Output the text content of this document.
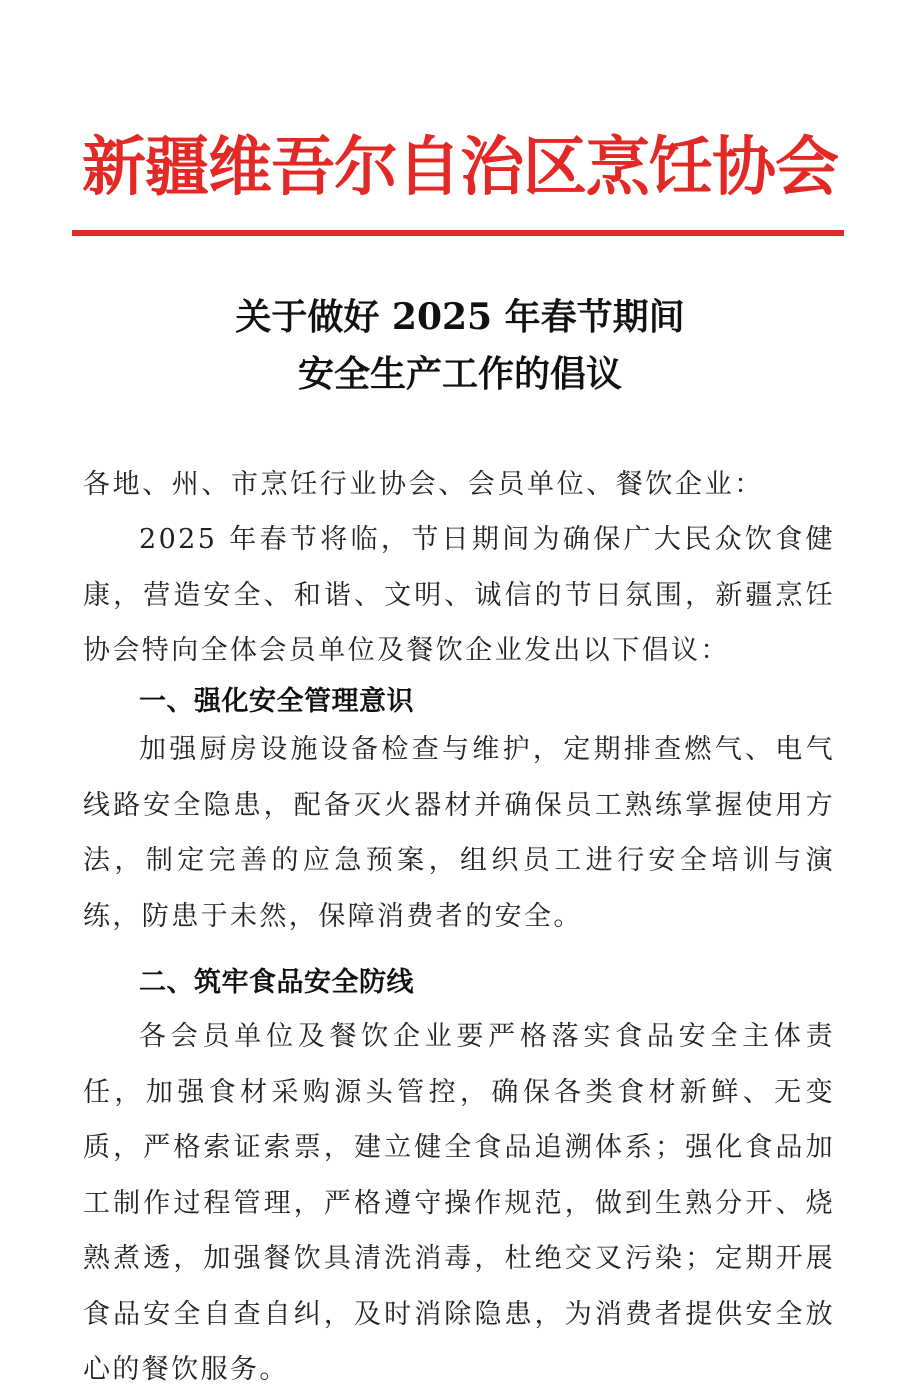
新疆维吾尔自治区烹饪协会
关于做好 2025 年春节期间
安全生产工作的倡议
各地、州、市烹饪行业协会、会员单位、餐饮企业：
2025 年春节将临，节日期间为确保广大民众饮食健康，营造安全、和谐、文明、诚信的节日氛围，新疆烹饪协会特向全体会员单位及餐饮企业发出以下倡议：
一、强化安全管理意识
加强厨房设施设备检查与维护，定期排查燃气、电气线路安全隐患，配备灭火器材并确保员工熟练掌握使用方法，制定完善的应急预案，组织员工进行安全培训与演练，防患于未然，保障消费者的安全。
二、筑牢食品安全防线
各会员单位及餐饮企业要严格落实食品安全主体责任，加强食材采购源头管控，确保各类食材新鲜、无变质，严格索证索票，建立健全食品追溯体系；强化食品加工制作过程管理，严格遵守操作规范，做到生熟分开、烧熟煮透，加强餐饮具清洗消毒，杜绝交叉污染；定期开展食品安全自查自纠，及时消除隐患，为消费者提供安全放心的餐饮服务。
